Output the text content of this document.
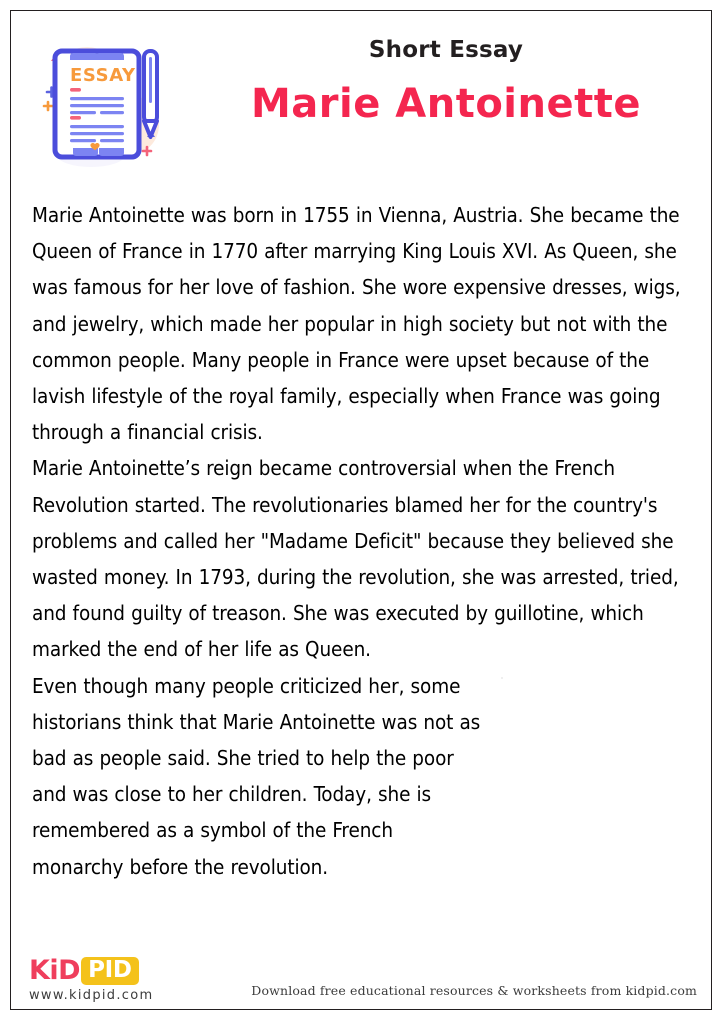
ESSAY

Short Essay

Marie Antoinette

Marie Antoinette was born in 1755 in Vienna, Austria. She became the Queen of France in 1770 after marrying King Louis XVI. As Queen, she was famous for her love of fashion. She wore expensive dresses, wigs, and jewelry, which made her popular in high society but not with the common people. Many people in France were upset because of the lavish lifestyle of the royal family, especially when France was going through a financial crisis.

Marie Antoinette’s reign became controversial when the French Revolution started. The revolutionaries blamed her for the country's problems and called her "Madame Deficit" because they believed she wasted money. In 1793, during the revolution, she was arrested, tried, and found guilty of treason. She was executed by guillotine, which marked the end of her life as Queen.

Even though many people criticized her, some historians think that Marie Antoinette was not as bad as people said. She tried to help the poor and was close to her children. Today, she is remembered as a symbol of the French monarchy before the revolution.

KiD PID
www.kidpid.com	Download free educational resources & worksheets from kidpid.com
